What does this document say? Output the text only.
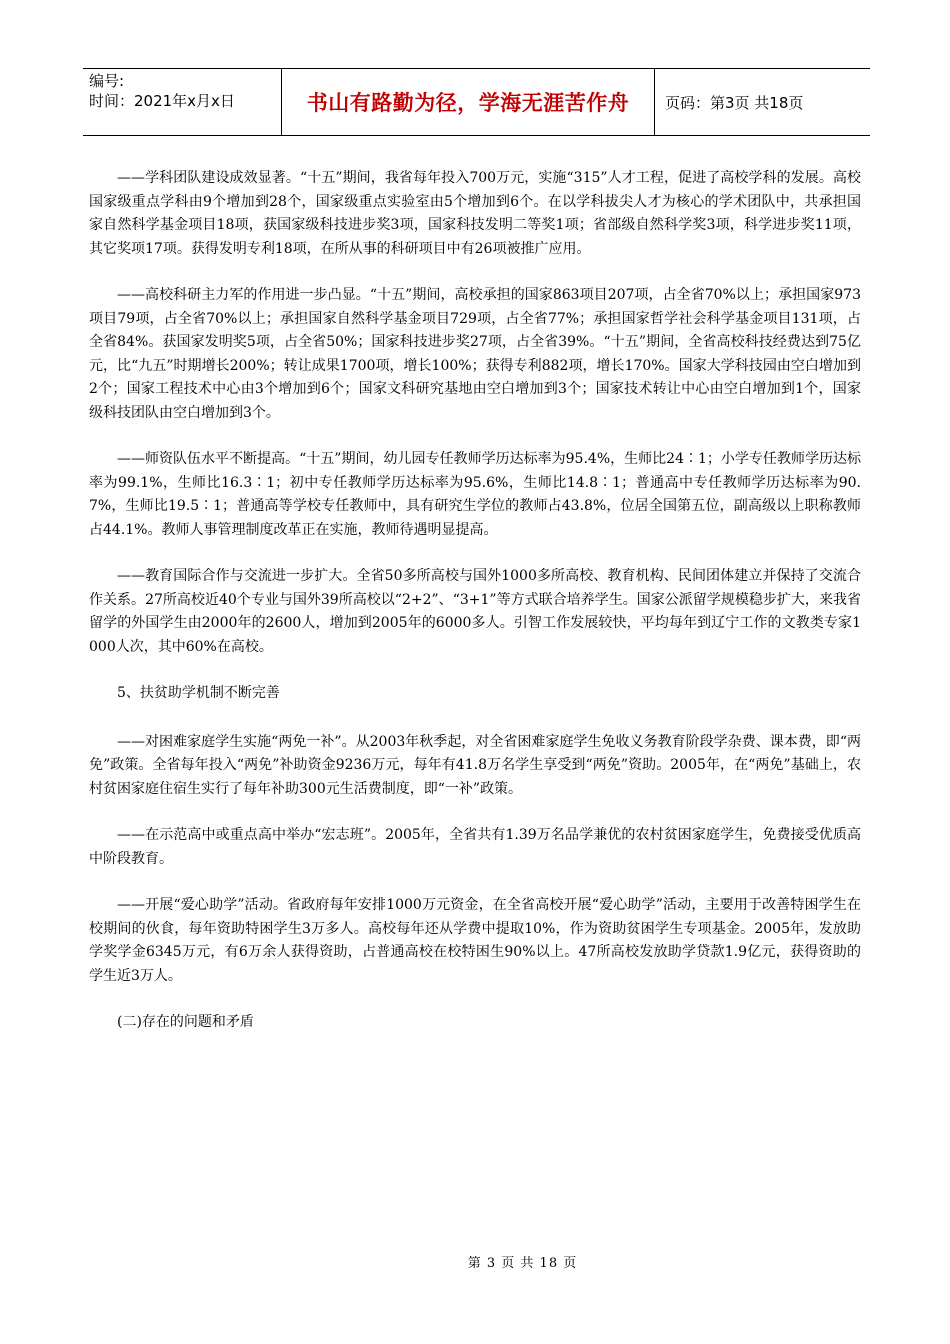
编号:
时间：2021年x月x日	书山有路勤为径，学海无涯苦作舟	页码：第3页 共18页

——学科团队建设成效显著。“十五”期间，我省每年投入700万元，实施“315”人才工程，促进了高校学科的发展。高校国家级重点学科由9个增加到28个，国家级重点实验室由5个增加到6个。在以学科拔尖人才为核心的学术团队中，共承担国家自然科学基金项目18项，获国家级科技进步奖3项，国家科技发明二等奖1项；省部级自然科学奖3项，科学进步奖11项，其它奖项17项。获得发明专利18项，在所从事的科研项目中有26项被推广应用。

——高校科研主力军的作用进一步凸显。“十五”期间，高校承担的国家863项目207项，占全省70%以上；承担国家973项目79项，占全省70%以上；承担国家自然科学基金项目729项，占全省77%；承担国家哲学社会科学基金项目131项，占全省84%。获国家发明奖5项，占全省50%；国家科技进步奖27项，占全省39%。“十五”期间，全省高校科技经费达到75亿元，比“九五”时期增长200%；转让成果1700项，增长100%；获得专利882项，增长170%。国家大学科技园由空白增加到2个；国家工程技术中心由3个增加到6个；国家文科研究基地由空白增加到3个；国家技术转让中心由空白增加到1个，国家级科技团队由空白增加到3个。

——师资队伍水平不断提高。“十五”期间，幼儿园专任教师学历达标率为95.4%，生师比24∶1；小学专任教师学历达标率为99.1%，生师比16.3∶1；初中专任教师学历达标率为95.6%，生师比14.8∶1；普通高中专任教师学历达标率为90.7%，生师比19.5∶1；普通高等学校专任教师中，具有研究生学位的教师占43.8%，位居全国第五位，副高级以上职称教师占44.1%。教师人事管理制度改革正在实施，教师待遇明显提高。

——教育国际合作与交流进一步扩大。全省50多所高校与国外1000多所高校、教育机构、民间团体建立并保持了交流合作关系。27所高校近40个专业与国外39所高校以“2+2”、“3+1”等方式联合培养学生。国家公派留学规模稳步扩大，来我省留学的外国学生由2000年的2600人，增加到2005年的6000多人。引智工作发展较快，平均每年到辽宁工作的文教类专家1000人次，其中60%在高校。

5、扶贫助学机制不断完善

——对困难家庭学生实施“两免一补”。从2003年秋季起，对全省困难家庭学生免收义务教育阶段学杂费、课本费，即“两免”政策。全省每年投入“两免”补助资金9236万元，每年有41.8万名学生享受到“两免”资助。2005年，在“两免”基础上，农村贫困家庭住宿生实行了每年补助300元生活费制度，即“一补”政策。

——在示范高中或重点高中举办“宏志班”。2005年，全省共有1.39万名品学兼优的农村贫困家庭学生，免费接受优质高中阶段教育。

——开展“爱心助学”活动。省政府每年安排1000万元资金，在全省高校开展“爱心助学”活动，主要用于改善特困学生在校期间的伙食，每年资助特困学生3万多人。高校每年还从学费中提取10%，作为资助贫困学生专项基金。2005年，发放助学奖学金6345万元，有6万余人获得资助，占普通高校在校特困生90%以上。47所高校发放助学贷款1.9亿元，获得资助的学生近3万人。

(二)存在的问题和矛盾

第 3 页 共 18 页
